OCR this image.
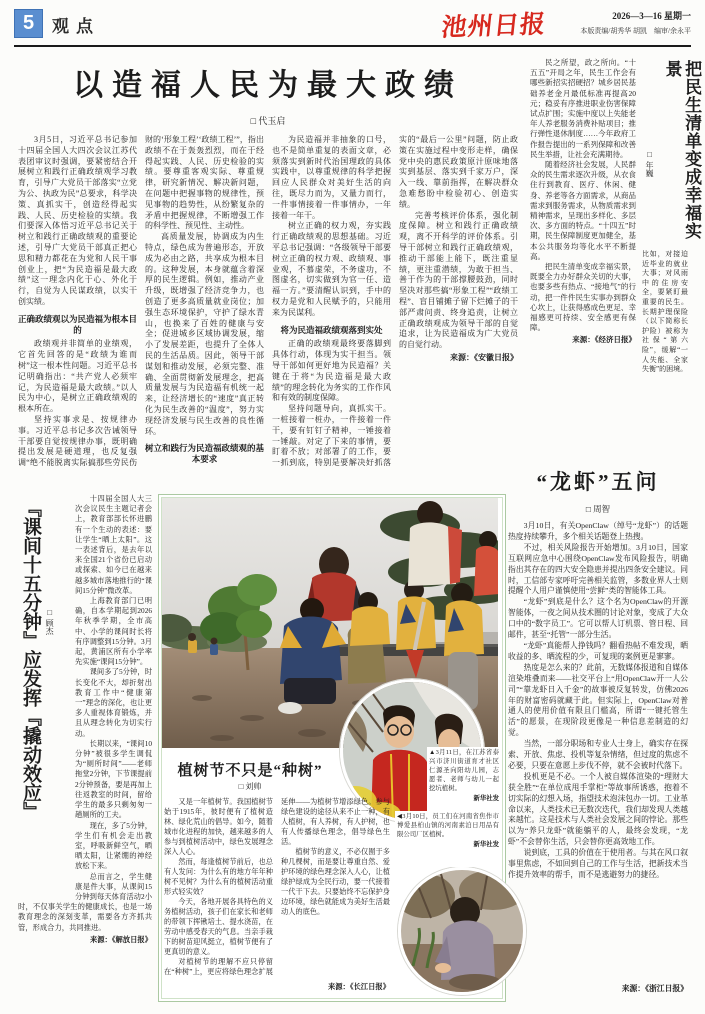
5	观点	池州日报	2026—3—16 星期一
本版责编/胡秀华 胡凯　编审/余永平
以造福人民为最大政绩
□ 代玉启

3月5日，习近平总书记参加十四届全国人大四次会议江苏代表团审议时强调，要紧密结合开展树立和践行正确政绩观学习教育，引导广大党员干部落实“立党为公、执政为民”总要求，科学决策、真抓实干，创造经得起实践、人民、历史检验的实绩。我们要深入体悟习近平总书记关于树立和践行正确政绩观的重要论述，引导广大党员干部真正把心思和精力都花在为党和人民干事创业上，把“为民造福是最大政绩”这一理念内化于心、外化于行，自觉为人民谋政绩，以实干创实绩。

正确政绩观以为民造福为根本目的

政绩观并非简单的业绩观，它首先回答的是“政绩为谁而树”这一根本性问题。习近平总书记明确指出：“共产党人必须牢记，为民造福是最大政绩。”以人民为中心，是树立正确政绩观的根本所在。

坚持实事求是、按规律办事。习近平总书记多次告诫领导干部要自觉按规律办事，既明确提出发展是硬道理，也反复强调“绝不能脱离实际搞那些劳民伤财的‘形象工程’‘政绩工程’”，指出政绩不在于轰轰烈烈，而在于经得起实践、人民、历史检验的实绩。要尊重客观实际、尊重规律，研究新情况、解决新问题，在问题中把握事物的规律性，预见事物的趋势性，从纷繁复杂的矛盾中把握规律，不断增强工作的科学性、预见性、主动性。

高质量发展，协调成为内生特点，绿色成为普遍形态，开放成为必由之路，共享成为根本目的。这种发展，本身就蕴含着深厚的民生逻辑。例如，推动产业升级，既增强了经济竞争力，也创造了更多高质量就业岗位；加强生态环境保护，守护了绿水青山，也换来了百姓的健康与安全；促进城乡区域协调发展，缩小了发展差距，也提升了全体人民的生活品质。因此，领导干部谋划和推动发展，必须完整、准确、全面贯彻新发展理念，把高质量发展与为民造福有机统一起来，让经济增长的“速度”真正转化为民生改善的“温度”，努力实现经济发展与民生改善的良性循环。

树立和践行为民造福政绩观的基本要求

为民造福并非抽象的口号，也不是简单重复的表面文章，必须落实到新时代治国理政的具体实践中，以尊重规律的科学把握回应人民群众对美好生活的向往，既尽力而为，又量力而行，一件事情接着一件事情办，一年接着一年干。

树立正确的权力观，夯实践行正确政绩观的思想基础。习近平总书记强调：“各级领导干部要树立正确的权力观、政绩观、事业观，不慕虚荣，不务虚功，不图虚名，切实做到为官一任、造福一方。”要清醒认识到，手中的权力是党和人民赋予的，只能用来为民谋利。

将为民造福政绩观落到实处

正确的政绩观最终要落脚到具体行动，体现为实干担当。领导干部如何更好地为民造福？关键在于将“为民造福是最大政绩”的理念转化为务实的工作作风和有效的制度保障。

坚持问题导向，真抓实干。一桩接着一桩办，一件接着一件干，要有钉钉子精神，一锤接着一锤敲。对定了下来的事情，要盯着不放；对部署了的工作，要一抓到底，特别是要解决好抓落实的“最后一公里”问题，防止政策在实施过程中变形走样，确保党中央的惠民政策原汁原味地落实到基层、落实到千家万户，深入一线、靠前指挥，在解决群众急难愁盼中检验初心、创造实绩。

完善考核评价体系，强化制度保障。树立和践行正确政绩观，离不开科学的评价体系。引导干部树立和践行正确政绩观，推动干部能上能下，既注重显绩，更注重潜绩，为敢于担当、善于作为的干部撑腰鼓劲，同时坚决对那些搞“形象工程”“政绩工程”、盲目铺摊子留下烂摊子的干部严肃问责、终身追责，让树立正确政绩观成为领导干部的自觉追求，让为民造福成为广大党员的自觉行动。

来源：《安徽日报》

民之所望，政之所向。“十五五”开局之年，民生工作会有哪些新招实招硬招？城乡居民基础养老金月最低标准再提高20元；稳妥有序推进职业伤害保障试点扩围；实施中度以上失能老年人养老服务消费补贴项目；推行弹性退休制度……今年政府工作报告提出的一系列保障和改善民生举措，让社会充满期待。

随着经济社会发展，人民群众的民生需求逐次升级，从衣食住行到教育、医疗、休闲、健身、养老等各方面需求，从商品需求到服务需求，从物质需求到精神需求，呈现出多样化、多层次、多方面的特点。“十四五”时期，民生保障制度更加健全，基本公共服务均等化水平不断提高。

把民生清单变成幸福实景，既要全力办好群众关切的大事，也要多些有热点、“接地气”的行动，把一件件民生实事办到群众心坎上，让获得感成色更足、幸福感更可持续、安全感更有保障。

来源：《经济日报》

把民生清单变成幸福实景
□ 年巍
比如，对接迫近毕业的就业大事；对风雨中的住房安全，要紧盯最重要的民生。长期护理保险（以下简称长护险）被称为社保“第六险”，缓解“一人失能、全家失衡”的困境。
“龙虾”五问
□ 周智

3月10日，有关OpenClaw（绰号“龙虾”）的话题热度持续攀升，多个相关话题登上热搜。

不过，相关风险报告开始增加。3月10日，国家互联网应急中心围绕OpenClaw发布风险报告，明确指出其存在的四大安全隐患并提出四条安全建议。同时，工信部专家呼吁完善相关监管，多数业界人士则提醒个人用户谨慎使用“尝鲜”类的智能体工具。

“龙虾”到底是什么？这个名为OpenClaw的开源智能体，一夜之间从技术圈的讨论对象，变成了大众口中的“数字员工”。它可以帮人订机票、管日程、回邮件，甚至“托管”一部分生活。

“龙虾”真能帮人挣钱吗？翻看热帖不难发现，晒收益的多、晒流程的少，可复现的案例更是寥寥。

热度是怎么来的？此前，无数媒体报道和自媒体渲染堆叠而来——社交平台上“用OpenClaw开一人公司”“靠龙虾日入千金”的故事被反复转发，仿佛2026年的财富密码就藏于此。但实际上，OpenClaw对普通人的使用价值有限且门槛高，所谓“一键托管生活”的愿景，在现阶段更像是一种信息差制造的幻觉。

当然，一部分职场和专业人士身上，确实存在探索、开放、焦虑、投机等复杂情绪，但过度的焦虑不必要，只要在意愿上步伐不停，就不会被时代落下。

投机更是不必。一个人被自媒体渲染的“理财大获全胜”“在单位成甩手掌柜”等故事所诱惑，抱着不切实际的幻想入场，指望技术泡沫包办一切。工业革命以来，人类技术已无数次迭代，我们却发现人类越来越忙。这是技术与人类社会发展之间的悖论。那些以为“养只龙虾”就能躺平的人，最终会发现，“龙虾”不会替你生活，只会替你更高效地工作。

说到底，工具的价值在于使用者。与其在风口叙事里焦虑，不如回到自己的工作与生活，把新技术当作提升效率的帮手，而不是逃避努力的捷径。

来源：《浙江日报》

『课间十五分钟』应发挥『撬动效应』 □ 顾杰

十四届全国人大三次会议民生主题记者会上，教育部部长怀进鹏有一个生动的表述：要让学生“晒上太阳”。这一表述背后，是去年以来全国21个省份已启动或探索、如今已在越来越多城市落地推行的“课间15分钟”微改革。

上海教育部门已明确，自本学期起到2026年秋季学期，全市高中、小学的课间时长将有序调整到15分钟。3月起，黄浦区所有小学率先实施“课间15分钟”。

课间多了5分钟，时长变化不大，却折射出教育工作中“健康第一”理念的深化，也让更多人重视体育锻炼，并且从理念转化为切实行动。

长期以来，“课间10分钟”被很多学生调侃为“厕所时间”——老师拖堂2分钟，下节课提前2分钟预备，要是再加上往返教室的时间，留给学生的最多只剩匆匆一趟厕所的工夫。

现在，多了5分钟，学生们有机会走出教室，呼吸新鲜空气，晒晒太阳，让紧绷的神经放松下来。

总而言之，学生健康是件大事，从课间15分钟到每天体育活动2小时，不仅事关学生的健康成长，也是一场教育理念的深刻变革，需要各方齐抓共管，形成合力，共同推进。

来源：《解放日报》

▲3月11日，在江苏省泰兴市济川街道育才社区仁源圣向阳幼儿园，志愿者、老师与幼儿一起挖坑植树。
新华社发
植树节不只是“种树”
□ 刘帅

又是一年植树节。我国植树节始于1915年，彼时便有了植树造林、绿化荒山的倡导。如今，随着城市化进程的加快，越来越多的人参与到植树活动中，绿色发展理念深入人心。

然而，每逢植树节前后，也总有人发问：为什么有的地方年年种树不见树？为什么有的植树活动重形式轻实效？

今天，各地开展各具特色的义务植树活动，孩子们在家长和老师的带领下挥锹培土、提水浇苗，在劳动中感受春天的气息。当亲手栽下的树苗迎风挺立，植树节便有了更真切的意义。

对植树节的理解不应只停留在“种树”上，更应将绿色理念扩展延伸——为植树节增添绿色。参与绿色建设的途径从来不止一种，有人植树，有人养树，有人护树，也有人传播绿色理念，倡导绿色生活。

植树节的意义，不必仅囿于多种几棵树，而是要让尊重自然、爱护环境的绿色理念深入人心，让植绿护绿成为全民行动，要一代接着一代干下去。只要始终不忘保护身边环境，绿色就能成为美好生活最动人的底色。

◀3月10日，员工们在河南省焦作市博爱县柏山镇的河南素泊日用品有限公司厂区植树。
新华社发
来源：《长江日报》
